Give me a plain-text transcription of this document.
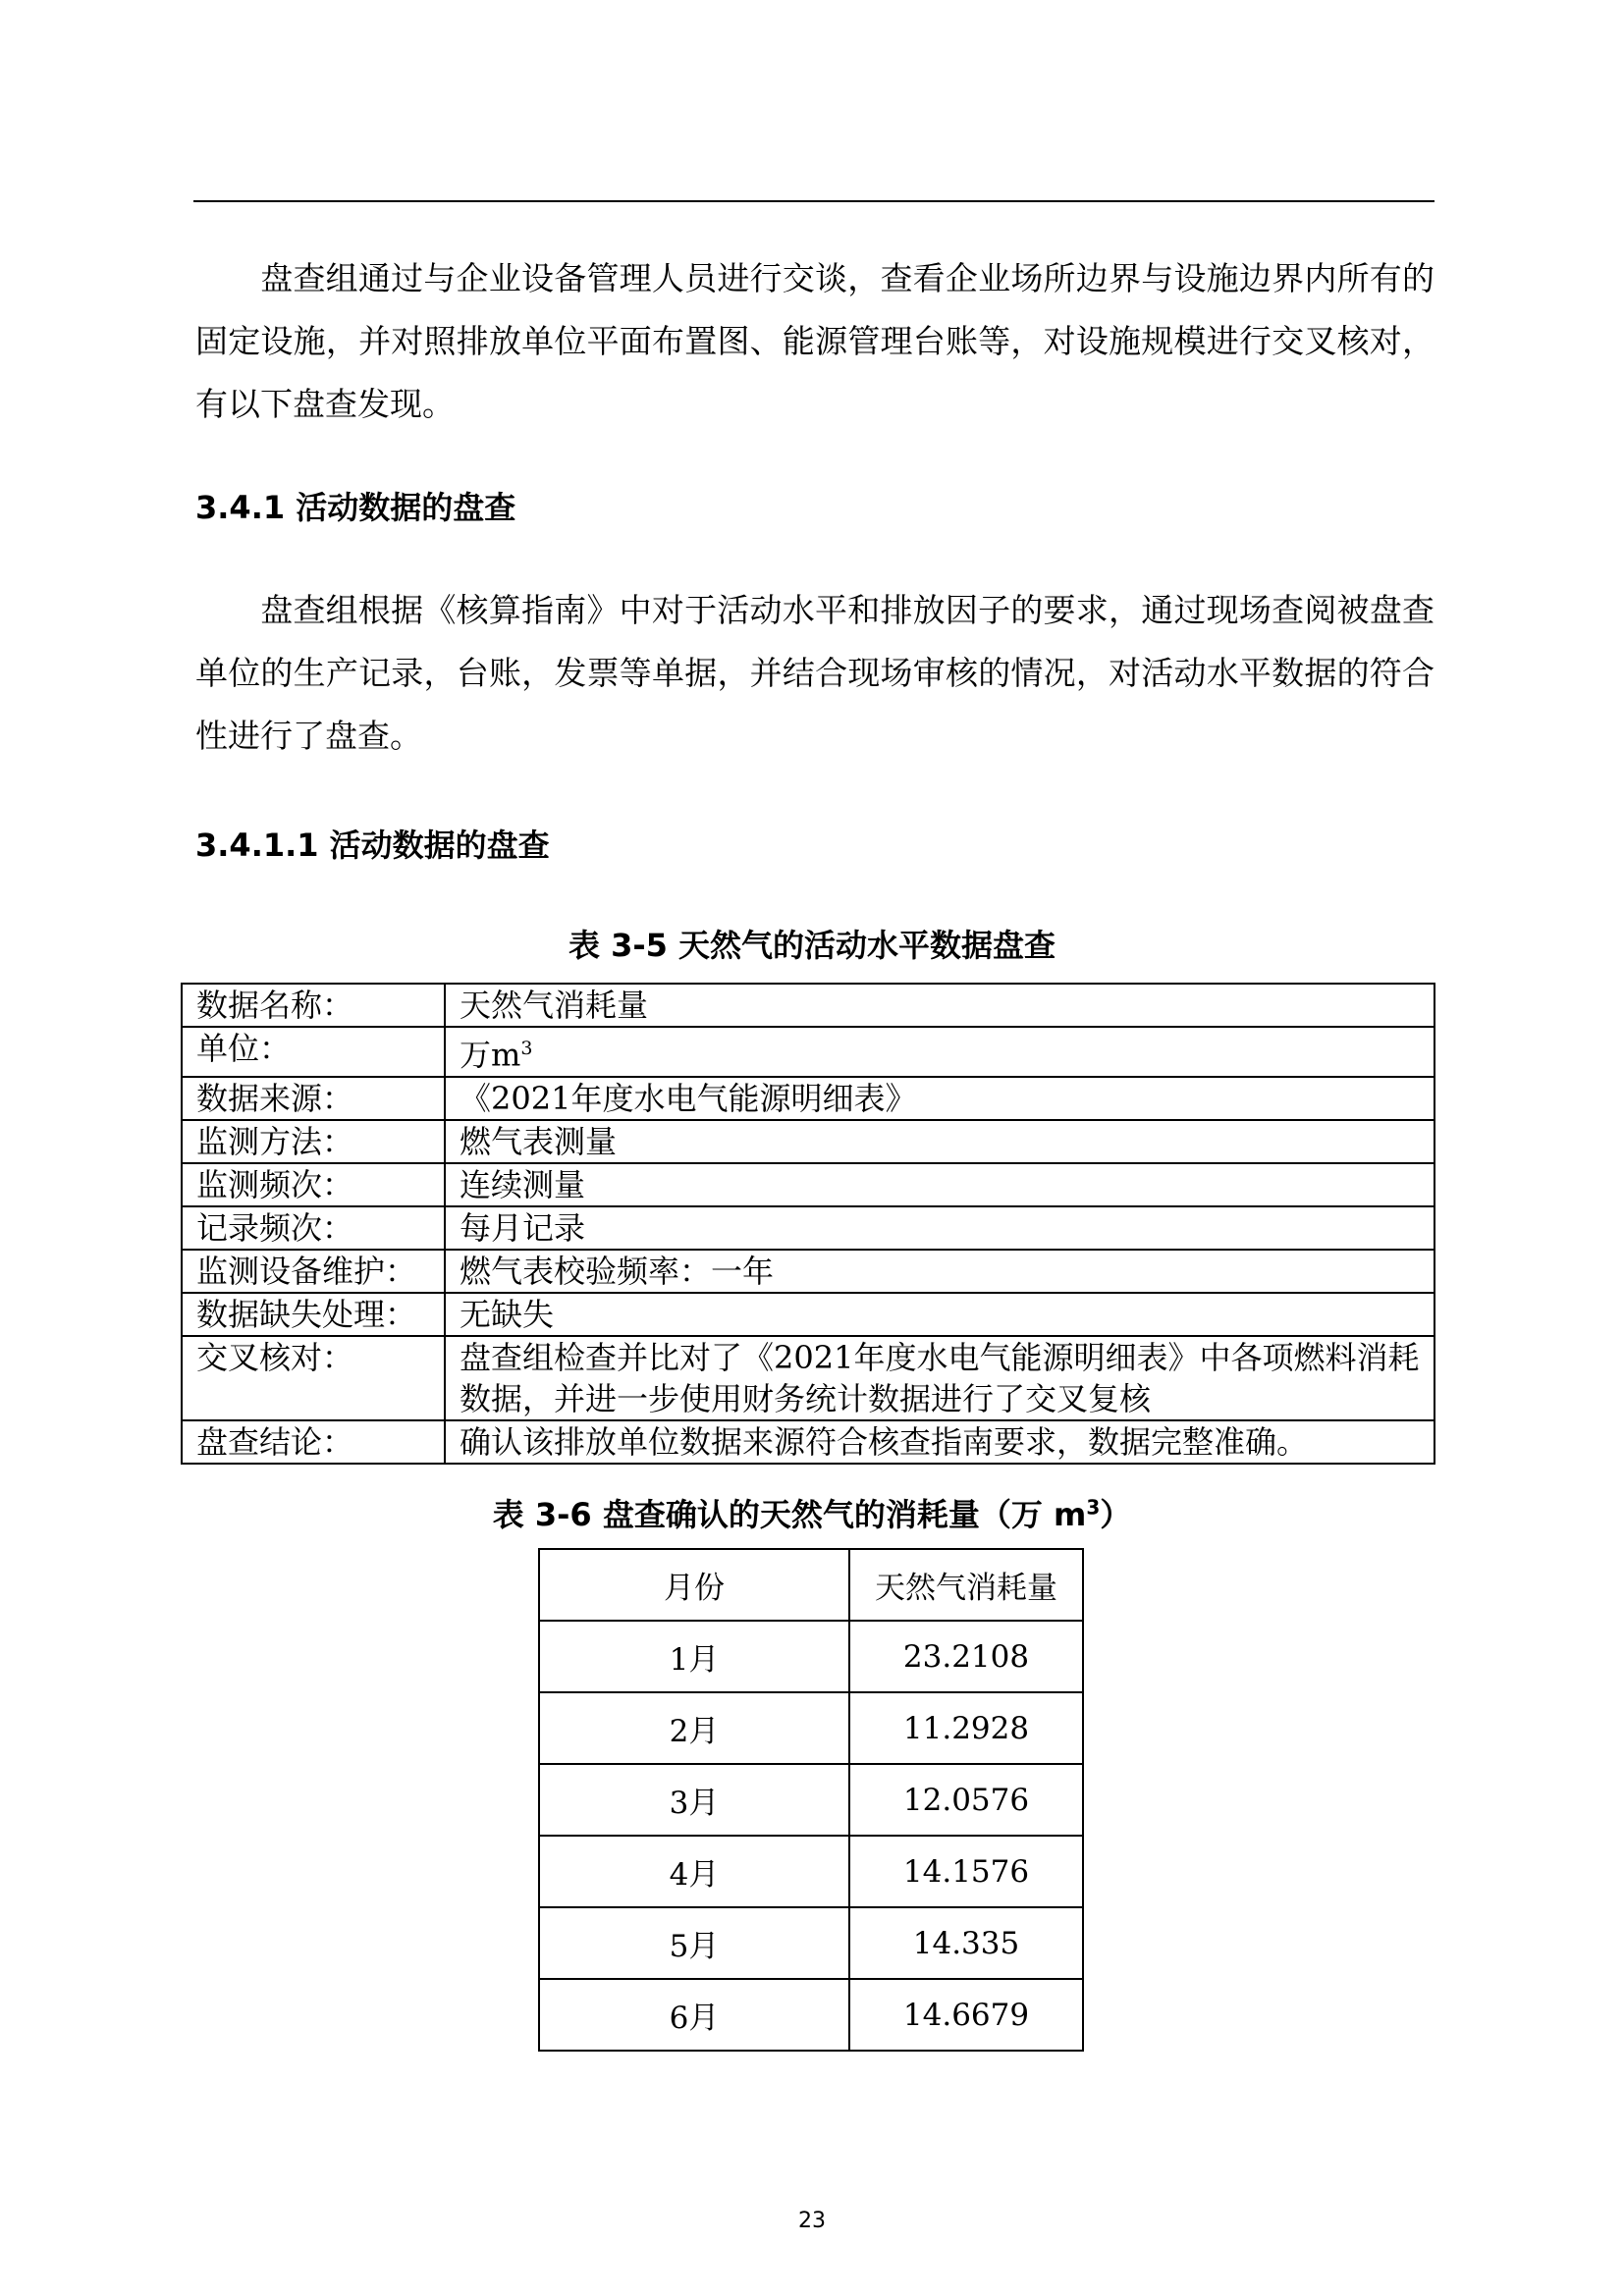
盘查组通过与企业设备管理人员进行交谈，查看企业场所边界与设施边界内所有的固定设施，并对照排放单位平面布置图、能源管理台账等，对设施规模进行交叉核对，有以下盘查发现。

3.4.1 活动数据的盘查

盘查组根据《核算指南》中对于活动水平和排放因子的要求，通过现场查阅被盘查单位的生产记录，台账，发票等单据，并结合现场审核的情况，对活动水平数据的符合性进行了盘查。

3.4.1.1 活动数据的盘查

表 3-5 天然气的活动水平数据盘查

数据名称：	天然气消耗量
单位：	万$m^3$
数据来源：	《2021年度水电气能源明细表》
监测方法：	燃气表测量
监测频次：	连续测量
记录频次：	每月记录
监测设备维护：	燃气表校验频率：一年
数据缺失处理：	无缺失
交叉核对：	盘查组检查并比对了《2021年度水电气能源明细表》中各项燃料消耗数据，并进一步使用财务统计数据进行了交叉复核
盘查结论：	确认该排放单位数据来源符合核查指南要求，数据完整准确。

表 3-6 盘查确认的天然气的消耗量（万 $m^3$）

月份	天然气消耗量
1月	23.2108
2月	11.2928
3月	12.0576
4月	14.1576
5月	14.335
6月	14.6679
23
